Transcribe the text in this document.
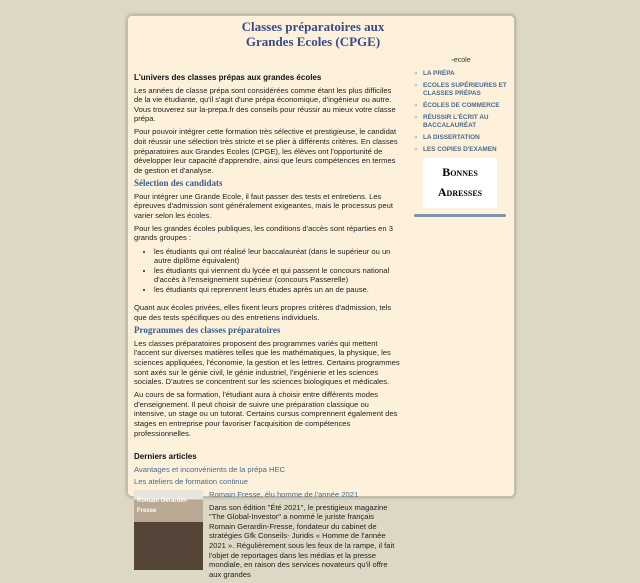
Classes préparatoires aux
Grandes Ecoles (CPGE)
L'univers des classes prépas aux grandes écoles

Les années de classe prépa sont considérées comme étant les plus difficiles de la vie étudiante, qu'il s'agit d'une prépa économique, d'ingénieur ou autre. Vous trouverez sur la-prepa.fr des conseils pour réussir au mieux votre classe prépa.

Pour pouvoir intégrer cette formation très sélective et prestigieuse, le candidat doit réussir une sélection très stricte et se plier à différents critères. En classes préparatoires aux Grandes Ecoles (CPGE), les élèves ont l'opportunité de développer leur capacité d'apprendre, ainsi que leurs compétences en termes de gestion et d'analyse.

Sélection des candidats

Pour intégrer une Grande Ecole, il faut passer des tests et entretiens. Les épreuves d'admission sont généralement exigeantes, mais le processus peut varier selon les écoles.

Pour les grandes écoles publiques, les conditions d'accès sont réparties en 3 grands groupes :

• les étudiants qui ont réalisé leur baccalauréat (dans le supérieur ou un autre diplôme équivalent)
• les étudiants qui viennent du lycée et qui passent le concours national d'accès à l'enseignement supérieur (concours Passerelle)
• les étudiants qui reprennent leurs études après un an de pause.

Quant aux écoles privées, elles fixent leurs propres critères d'admission, tels que des tests spécifiques ou des entretiens individuels.

Programmes des classes préparatoires

Les classes préparatoires proposent des programmes variés qui mettent l'accent sur diverses matières telles que les mathématiques, la physique, les sciences appliquées, l'économie, la gestion et les lettres. Certains programmes sont axés sur le génie civil, le génie industriel, l'ingénierie et les sciences sociales. D'autres se concentrent sur les sciences biologiques et médicales.

Au cours de sa formation, l'étudiant aura à choisir entre différents modes d'enseignement. Il peut choisir de suivre une préparation classique ou intensive, un stage ou un tutorat. Certains cursus comprennent également des stages en entreprise pour favoriser l'acquisition de compétences professionnelles.

Derniers articles
Avantages et inconvénients de la prépa HEC
Les ateliers de formation continue
Romain Gerardin-Fresse
Romain Fresse, élu homme de l'année 2021

Dans son édition "Été 2021", le prestigieux magazine "The Global-Investor" a nommé le juriste français Romain Gerardin-Fresse, fondateur du cabinet de stratégies Gfk Conseils- Juridis « Homme de l'année 2021 ». Régulièrement sous les feux de la rampe, il fait l'objet de reportages dans les médias et la presse mondiale, en raison des services novateurs qu'il offre aux grandes

▫ecole
» LA PRÉPA
» ECOLES SUPÉRIEURES ET CLASSES PRÉPAS
» ÉCOLES DE COMMERCE
» RÉUSSIR L'ÉCRIT AU BACCALAURÉAT
» LA DISSERTATION
» LES COPIES D'EXAMEN
Bonnes
Adresses
